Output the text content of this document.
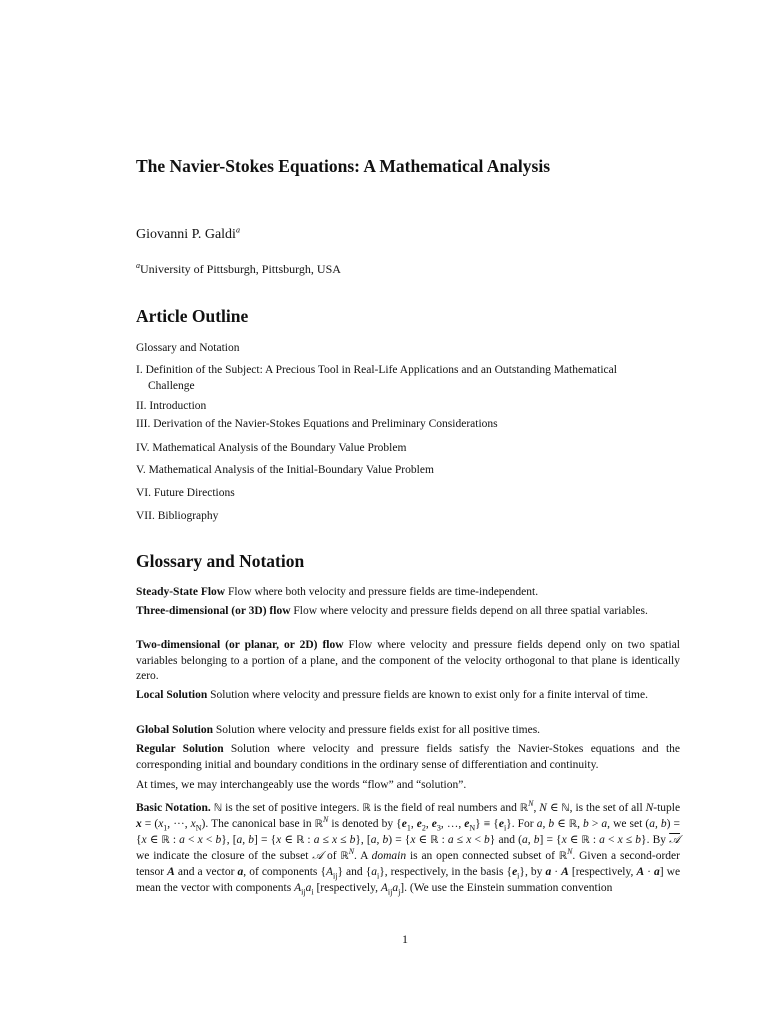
The Navier-Stokes Equations: A Mathematical Analysis
Giovanni P. Galdi$^a$
$^a$University of Pittsburgh, Pittsburgh, USA
Article Outline
Glossary and Notation
I. Definition of the Subject: A Precious Tool in Real-Life Applications and an Outstanding Mathematical
Challenge
II. Introduction
III. Derivation of the Navier-Stokes Equations and Preliminary Considerations
IV. Mathematical Analysis of the Boundary Value Problem
V. Mathematical Analysis of the Initial-Boundary Value Problem
VI. Future Directions
VII. Bibliography
Glossary and Notation
Steady-State Flow Flow where both velocity and pressure fields are time-independent.
Three-dimensional (or 3D) flow Flow where velocity and pressure fields depend on all three spatial variables.
Two-dimensional (or planar, or 2D) flow Flow where velocity and pressure fields depend only on two spatial variables belonging to a portion of a plane, and the component of the velocity orthogonal to that plane is identically zero.
Local Solution Solution where velocity and pressure fields are known to exist only for a finite interval of time.
Global Solution Solution where velocity and pressure fields exist for all positive times.
Regular Solution Solution where velocity and pressure fields satisfy the Navier-Stokes equations and the corresponding initial and boundary conditions in the ordinary sense of differentiation and continuity.
At times, we may interchangeably use the words “flow” and “solution”.
Basic Notation. ℕ is the set of positive integers. ℝ is the field of real numbers and ℝ$^N$, N ∈ ℕ, is the set of all N-tuple $x = (x_1$, ···, $x_N$). The canonical base in ℝ$^N$ is denoted by {$e_1$, $e_2$, $e_3$, …, $e_N\} \equiv \{e_i\}$. For a, b ∈ ℝ, b > a, we set (a, b) = {x ∈ ℝ : a < x < b}, [a, b] = {x ∈ ℝ : a ≤ x ≤ b}, [a, b) = {x ∈ ℝ : a ≤ x < b} and (a, b] = {x ∈ ℝ : a < x ≤ b}. By 𝒜 we indicate the closure of the subset 𝒜 of ℝ$^N$. A domain is an open connected subset of ℝ$^N$. Given a second-order tensor A and a vector a, of components $\{A_{ij}\}$ and $\{a_i\}$, respectively, in the basis $\{e_i\}$, by a · A [respectively, A · a] we mean the vector with components $A_{ij}a_i$ [respectively, $A_{ij}a_j$]. (We use the Einstein summation convention
1
